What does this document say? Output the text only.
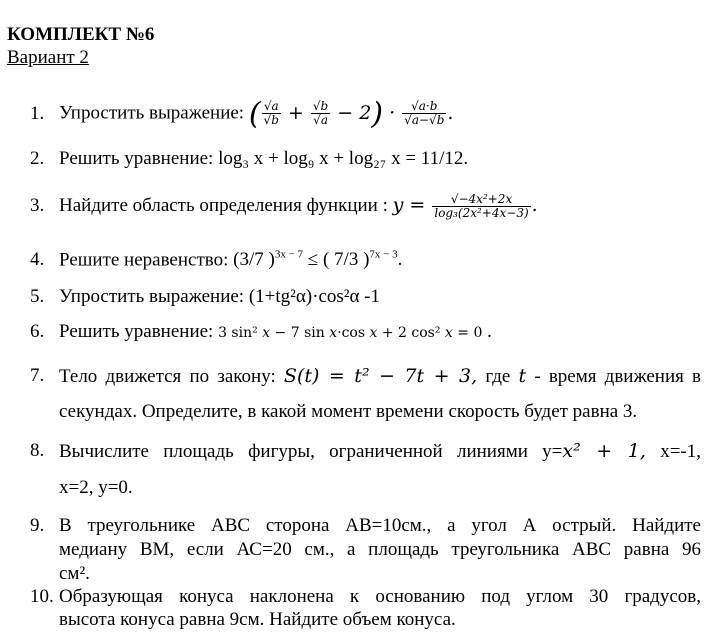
КОМПЛЕКТ №6
Вариант 2
1. Упростить выражение: ( $\frac{√a}{√b} + \frac{√b}{√a} - 2) \cdot \frac{√a\cdot b}{√a-√b}$ .
2. Решить уравнение: log₃ x + log₉ x + log₂₇ x = 11/12.
3. Найдите область определения функции : $y = \frac{\text{√−4x²+2x}}{\text{log₃(2x²+4x−3)}}$ .
4. Решите неравенство: (3/7 )$^{3x - 7}$ ≤ ( 7/3 )$^{7x - 3}$.
5. Упростить выражение: (1+tg²α)·cos²α -1
6. Решить уравнение: 3 sin² x − 7 sin x·cos x + 2 cos² x = 0 .
7. Тело движется по закону: S(t) = t² − 7t + 3, где t - время движения в
секундах. Определите, в какой момент времени скорость будет равна 3.
8. Вычислите площадь фигуры, ограниченной линиями y=x² + 1, x=-1,
x=2, y=0.
9. В треугольнике АВС сторона АВ=10см., а угол А острый. Найдите
медиану ВМ, если АС=20 см., а площадь треугольника АВС равна 96
см².
10. Образующая конуса наклонена к основанию под углом 30 градусов,
высота конуса равна 9см. Найдите объем конуса.
